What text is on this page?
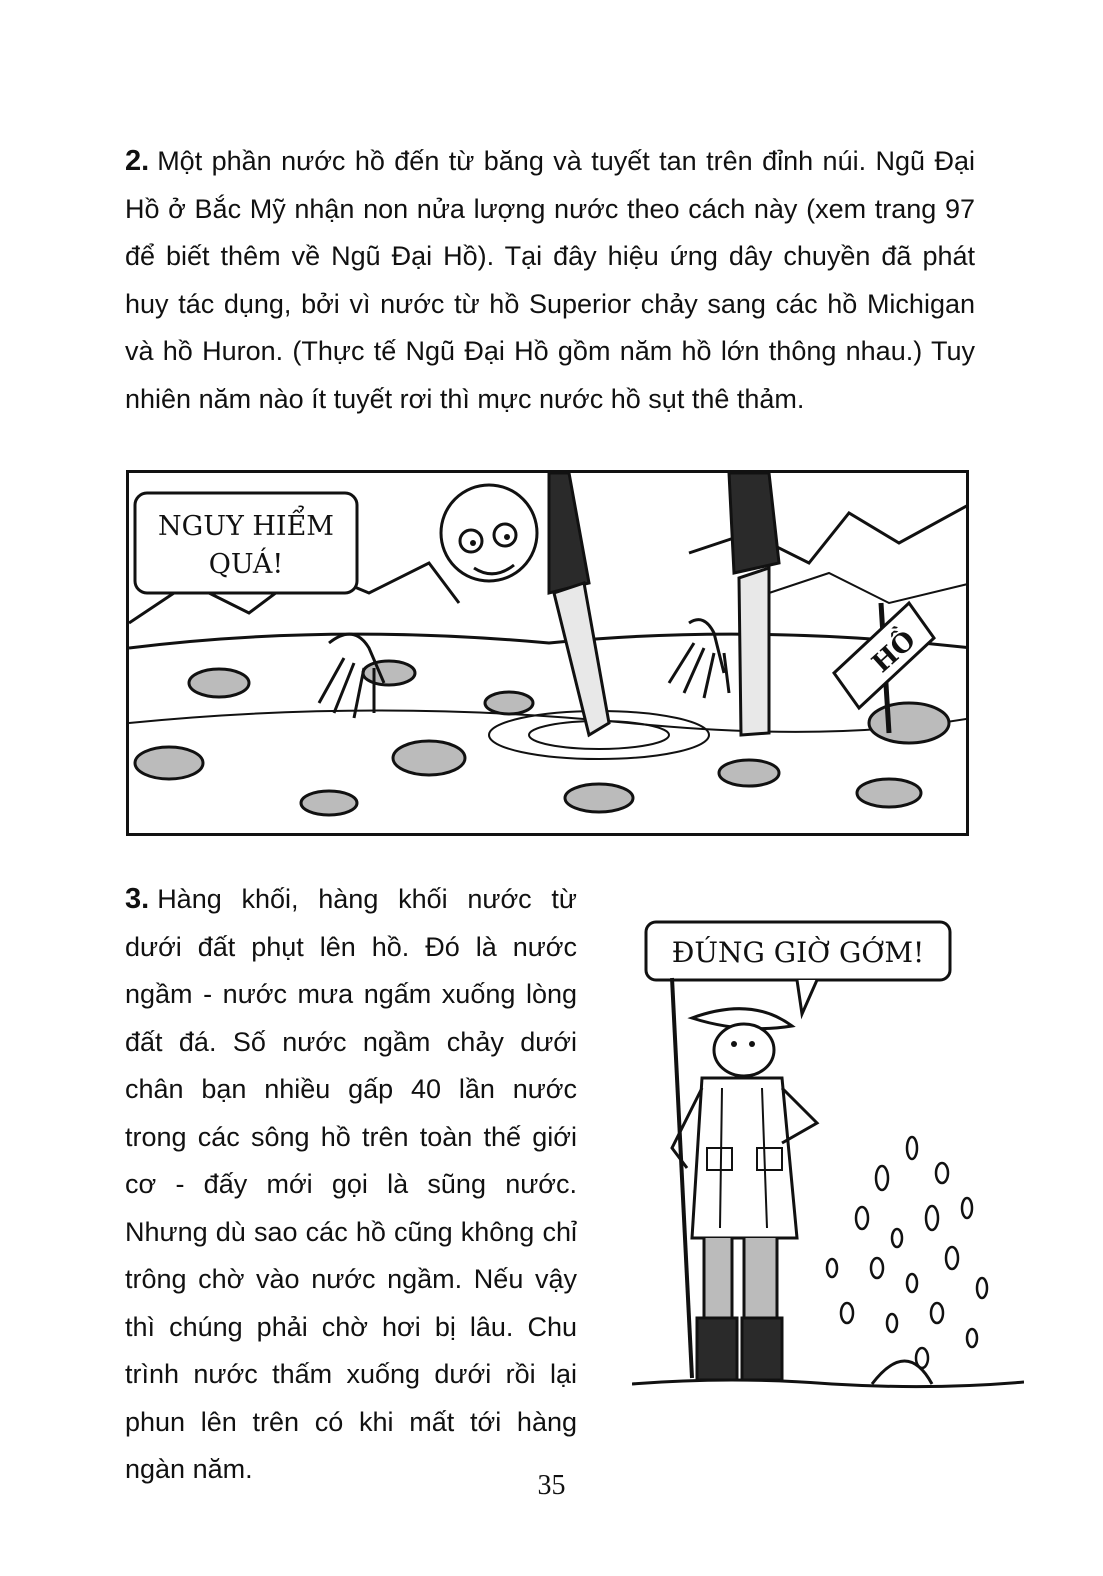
2. Một phần nước hồ đến từ băng và tuyết tan trên đỉnh núi. Ngũ Đại Hồ ở Bắc Mỹ nhận non nửa lượng nước theo cách này (xem trang 97 để biết thêm về Ngũ Đại Hồ). Tại đây hiệu ứng dây chuyền đã phát huy tác dụng, bởi vì nước từ hồ Superior chảy sang các hồ Michigan và hồ Huron. (Thực tế Ngũ Đại Hồ gồm năm hồ lớn thông nhau.) Tuy nhiên năm nào ít tuyết rơi thì mực nước hồ sụt thê thảm.
HỒ
NGUY HIỂM
QUÁ!
3. Hàng khối, hàng khối nước từ dưới đất phụt lên hồ. Đó là nước ngầm - nước mưa ngấm xuống lòng đất đá. Số nước ngầm chảy dưới chân bạn nhiều gấp 40 lần nước trong các sông hồ trên toàn thế giới cơ - đấy mới gọi là sũng nước. Nhưng dù sao các hồ cũng không chỉ trông chờ vào nước ngầm. Nếu vậy thì chúng phải chờ hơi bị lâu. Chu trình nước thấm xuống dưới rồi lại phun lên trên có khi mất tới hàng ngàn năm.
ĐÚNG GIỜ GỚM!
35
